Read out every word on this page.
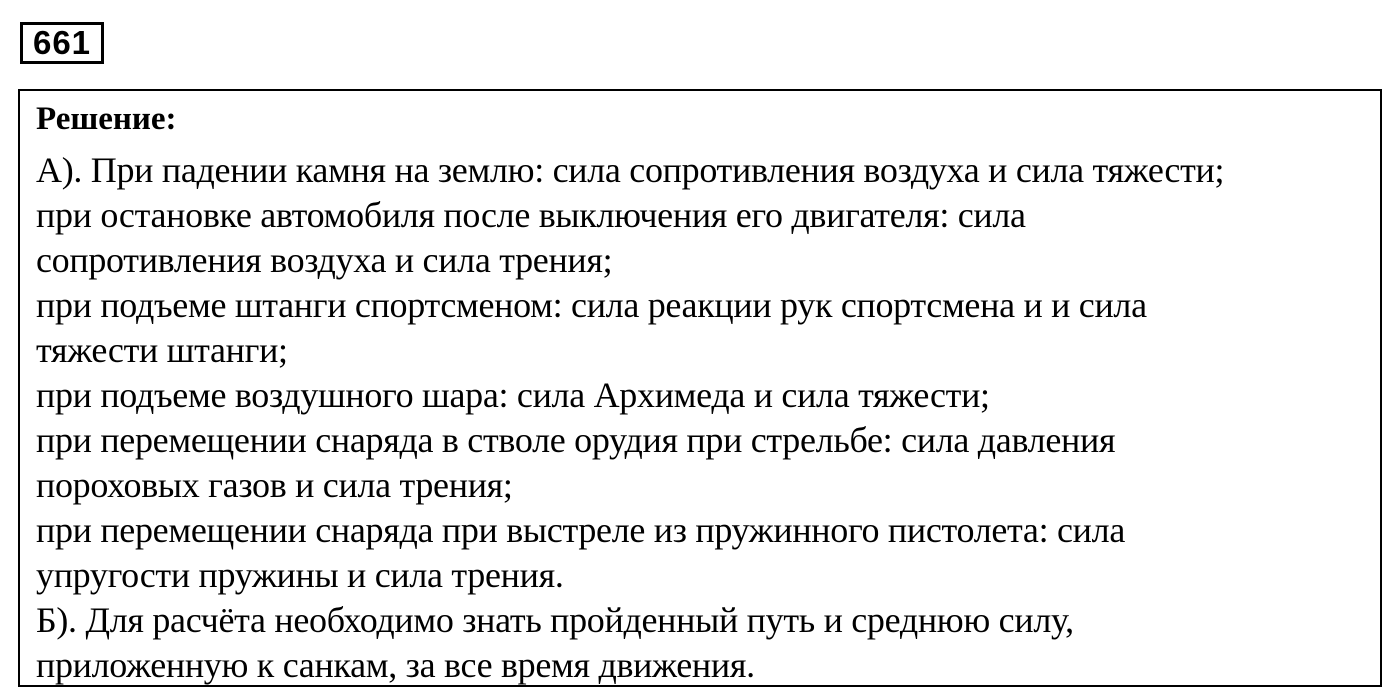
661
Решение:
А). При падении камня на землю: сила сопротивления воздуха и сила тяжести;
при остановке автомобиля после выключения его двигателя: сила
сопротивления воздуха и сила трения;
при подъеме штанги спортсменом: сила реакции рук спортсмена и и сила
тяжести штанги;
при подъеме воздушного шара: сила Архимеда и сила тяжести;
при перемещении снаряда в стволе орудия при стрельбе: сила давления
пороховых газов и сила трения;
при перемещении снаряда при выстреле из пружинного пистолета: сила
упругости пружины и сила трения.
Б). Для расчёта необходимо знать пройденный путь и среднюю силу,
приложенную к санкам, за все время движения.
